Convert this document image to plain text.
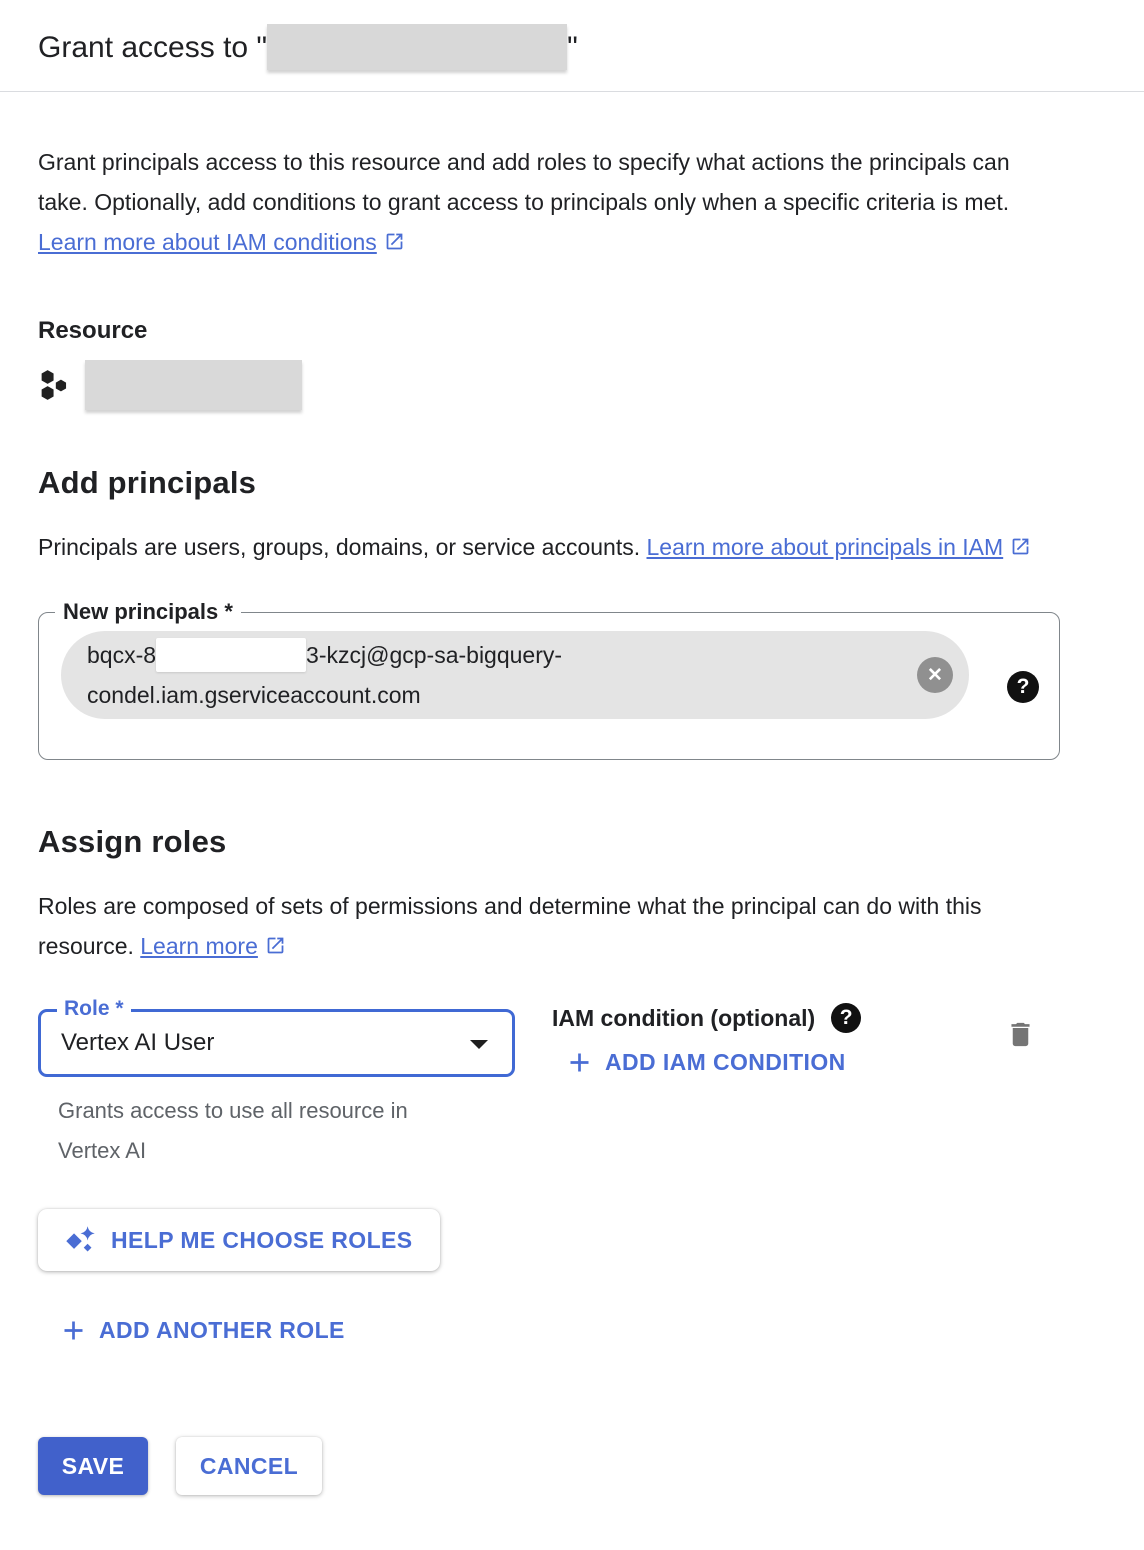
Grant access to "	"

Grant principals access to this resource and add roles to specify what actions the principals can take. Optionally, add conditions to grant access to principals only when a specific criteria is met. Learn more about IAM conditions

Resource
Add principals

Principals are users, groups, domains, or service accounts. Learn more about principals in IAM

New principals *
bqcx-8	3-kzcj@gcp-sa-bigquery-
condel.iam.gserviceaccount.com
✕	?
Assign roles

Roles are composed of sets of permissions and determine what the principal can do with this resource. Learn more

Role *
Vertex AI User
Grants access to use all resource in Vertex AI
IAM condition (optional)	?
ADD IAM CONDITION
HELP ME CHOOSE ROLES
ADD ANOTHER ROLE
SAVE	CANCEL
